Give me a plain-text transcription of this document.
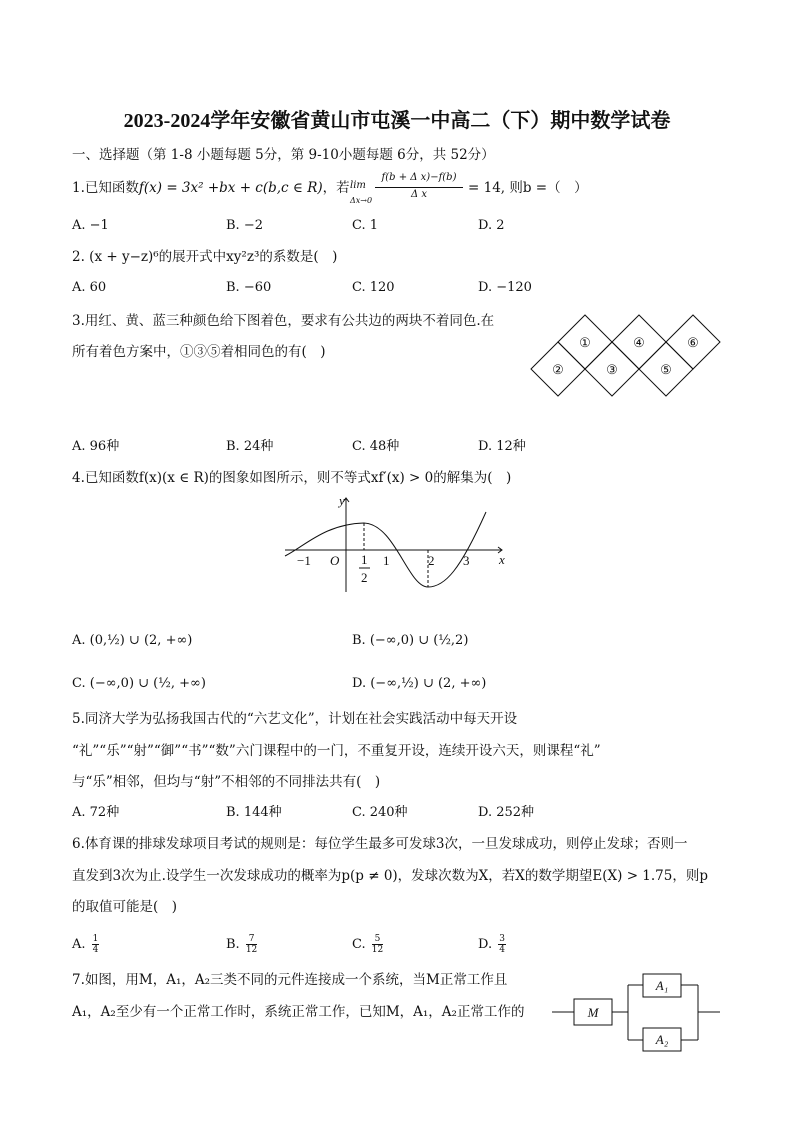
2023-2024学年安徽省黄山市屯溪一中高二（下）期中数学试卷
一、选择题（第 1-8 小题每题 5分，第 9-10小题每题 6分，共 52分）
1.已知函数f(x) = 3x² +bx + c(b,c ∈ R)，若 lim
Δx→0
f(b + Δ x)−f(b)
Δ x	= 14, 则b =（　）
A. −1	B. −2	C. 1	D. 2
2. (x + y−z)⁶的展开式中xy²z³的系数是(　)
A. 60	B. −60	C. 120	D. −120
3.用红、黄、蓝三种颜色给下图着色，要求有公共边的两块不着同色.在
所有着色方案中，①③⑤着相同色的有(　)
①
②	③
④
⑤
⑥
A. 96种	B. 24种	C. 48种	D. 12种
4.已知函数f(x)(x ∈ R)的图象如图所示，则不等式xf′(x) > 0的解集为(　)
y
x
O
−1	1
2
1	2 3
A. (0,½) ∪ (2, +∞)	B. (−∞,0) ∪ (½,2)
C. (−∞,0) ∪ (½, +∞)	D. (−∞,½) ∪ (2, +∞)
5.同济大学为弘扬我国古代的“六艺文化”，计划在社会实践活动中每天开设
“礼”“乐”“射”“御”“书”“数”六门课程中的一门，不重复开设，连续开设六天，则课程“礼”
与“乐”相邻，但均与“射”不相邻的不同排法共有(　)
A. 72种	B. 144种	C. 240种	D. 252种
6.体育课的排球发球项目考试的规则是：每位学生最多可发球3次，一旦发球成功，则停止发球；否则一
直发到3次为止.设学生一次发球成功的概率为p(p ≠ 0)，发球次数为X，若X的数学期望E(X) > 1.75，则p
的取值可能是(　)
A. $\frac{1}{4}$	B. $\frac{7}{12}$	C. $\frac{5}{12}$	D. $\frac{3}{4}$
7.如图，用M，A₁，A₂三类不同的元件连接成一个系统，当M正常工作且
A₁，A₂至少有一个正常工作时，系统正常工作，已知M，A₁，A₂正常工作的	M
A₁
A₂
